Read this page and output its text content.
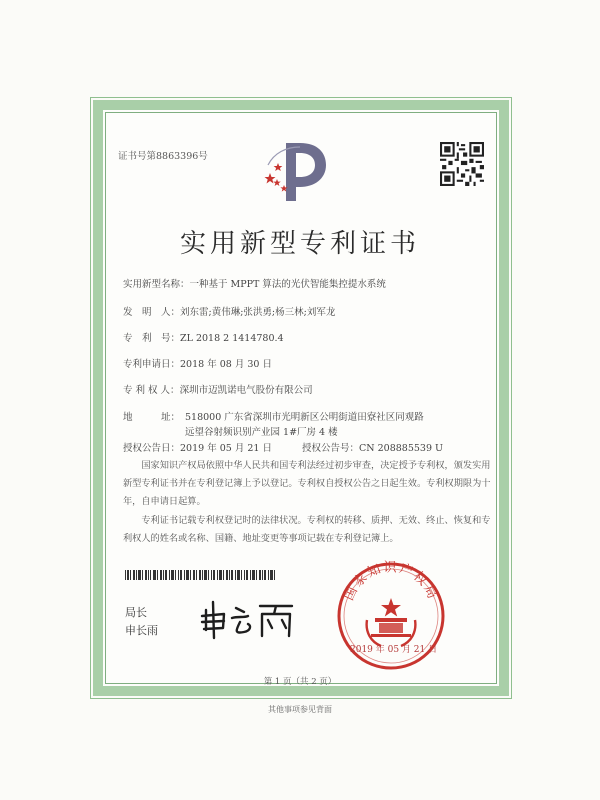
证书号第8863396号
实用新型专利证书
实用新型名称：一种基于 MPPT 算法的光伏智能集控提水系统
发　明　人：刘东雷;黄伟琳;张洪勇;杨三林;刘军龙
专　利　号：ZL 2018 2 1414780.4
专利申请日：2018 年 08 月 30 日
专 利 权 人：深圳市迈凯诺电气股份有限公司
地　　　址： 518000 广东省深圳市光明新区公明街道田寮社区同观路
远望谷射频识别产业园 1#厂房 4 楼
授权公告日：2019 年 05 月 21 日	授权公告号：CN 208885539 U
　　国家知识产权局依照中华人民共和国专利法经过初步审查，决定授予专利权，颁发实用新型专利证书并在专利登记簿上予以登记。专利权自授权公告之日起生效。专利权期限为十年，自申请日起算。
　　专利证书记载专利权登记时的法律状况。专利权的转移、质押、无效、终止、恢复和专利权人的姓名或名称、国籍、地址变更等事项记载在专利登记簿上。
局长
申长雨
国家知识产权局
2019 年 05 月 21 日
第 1 页（共 2 页）
其他事项参见背面
